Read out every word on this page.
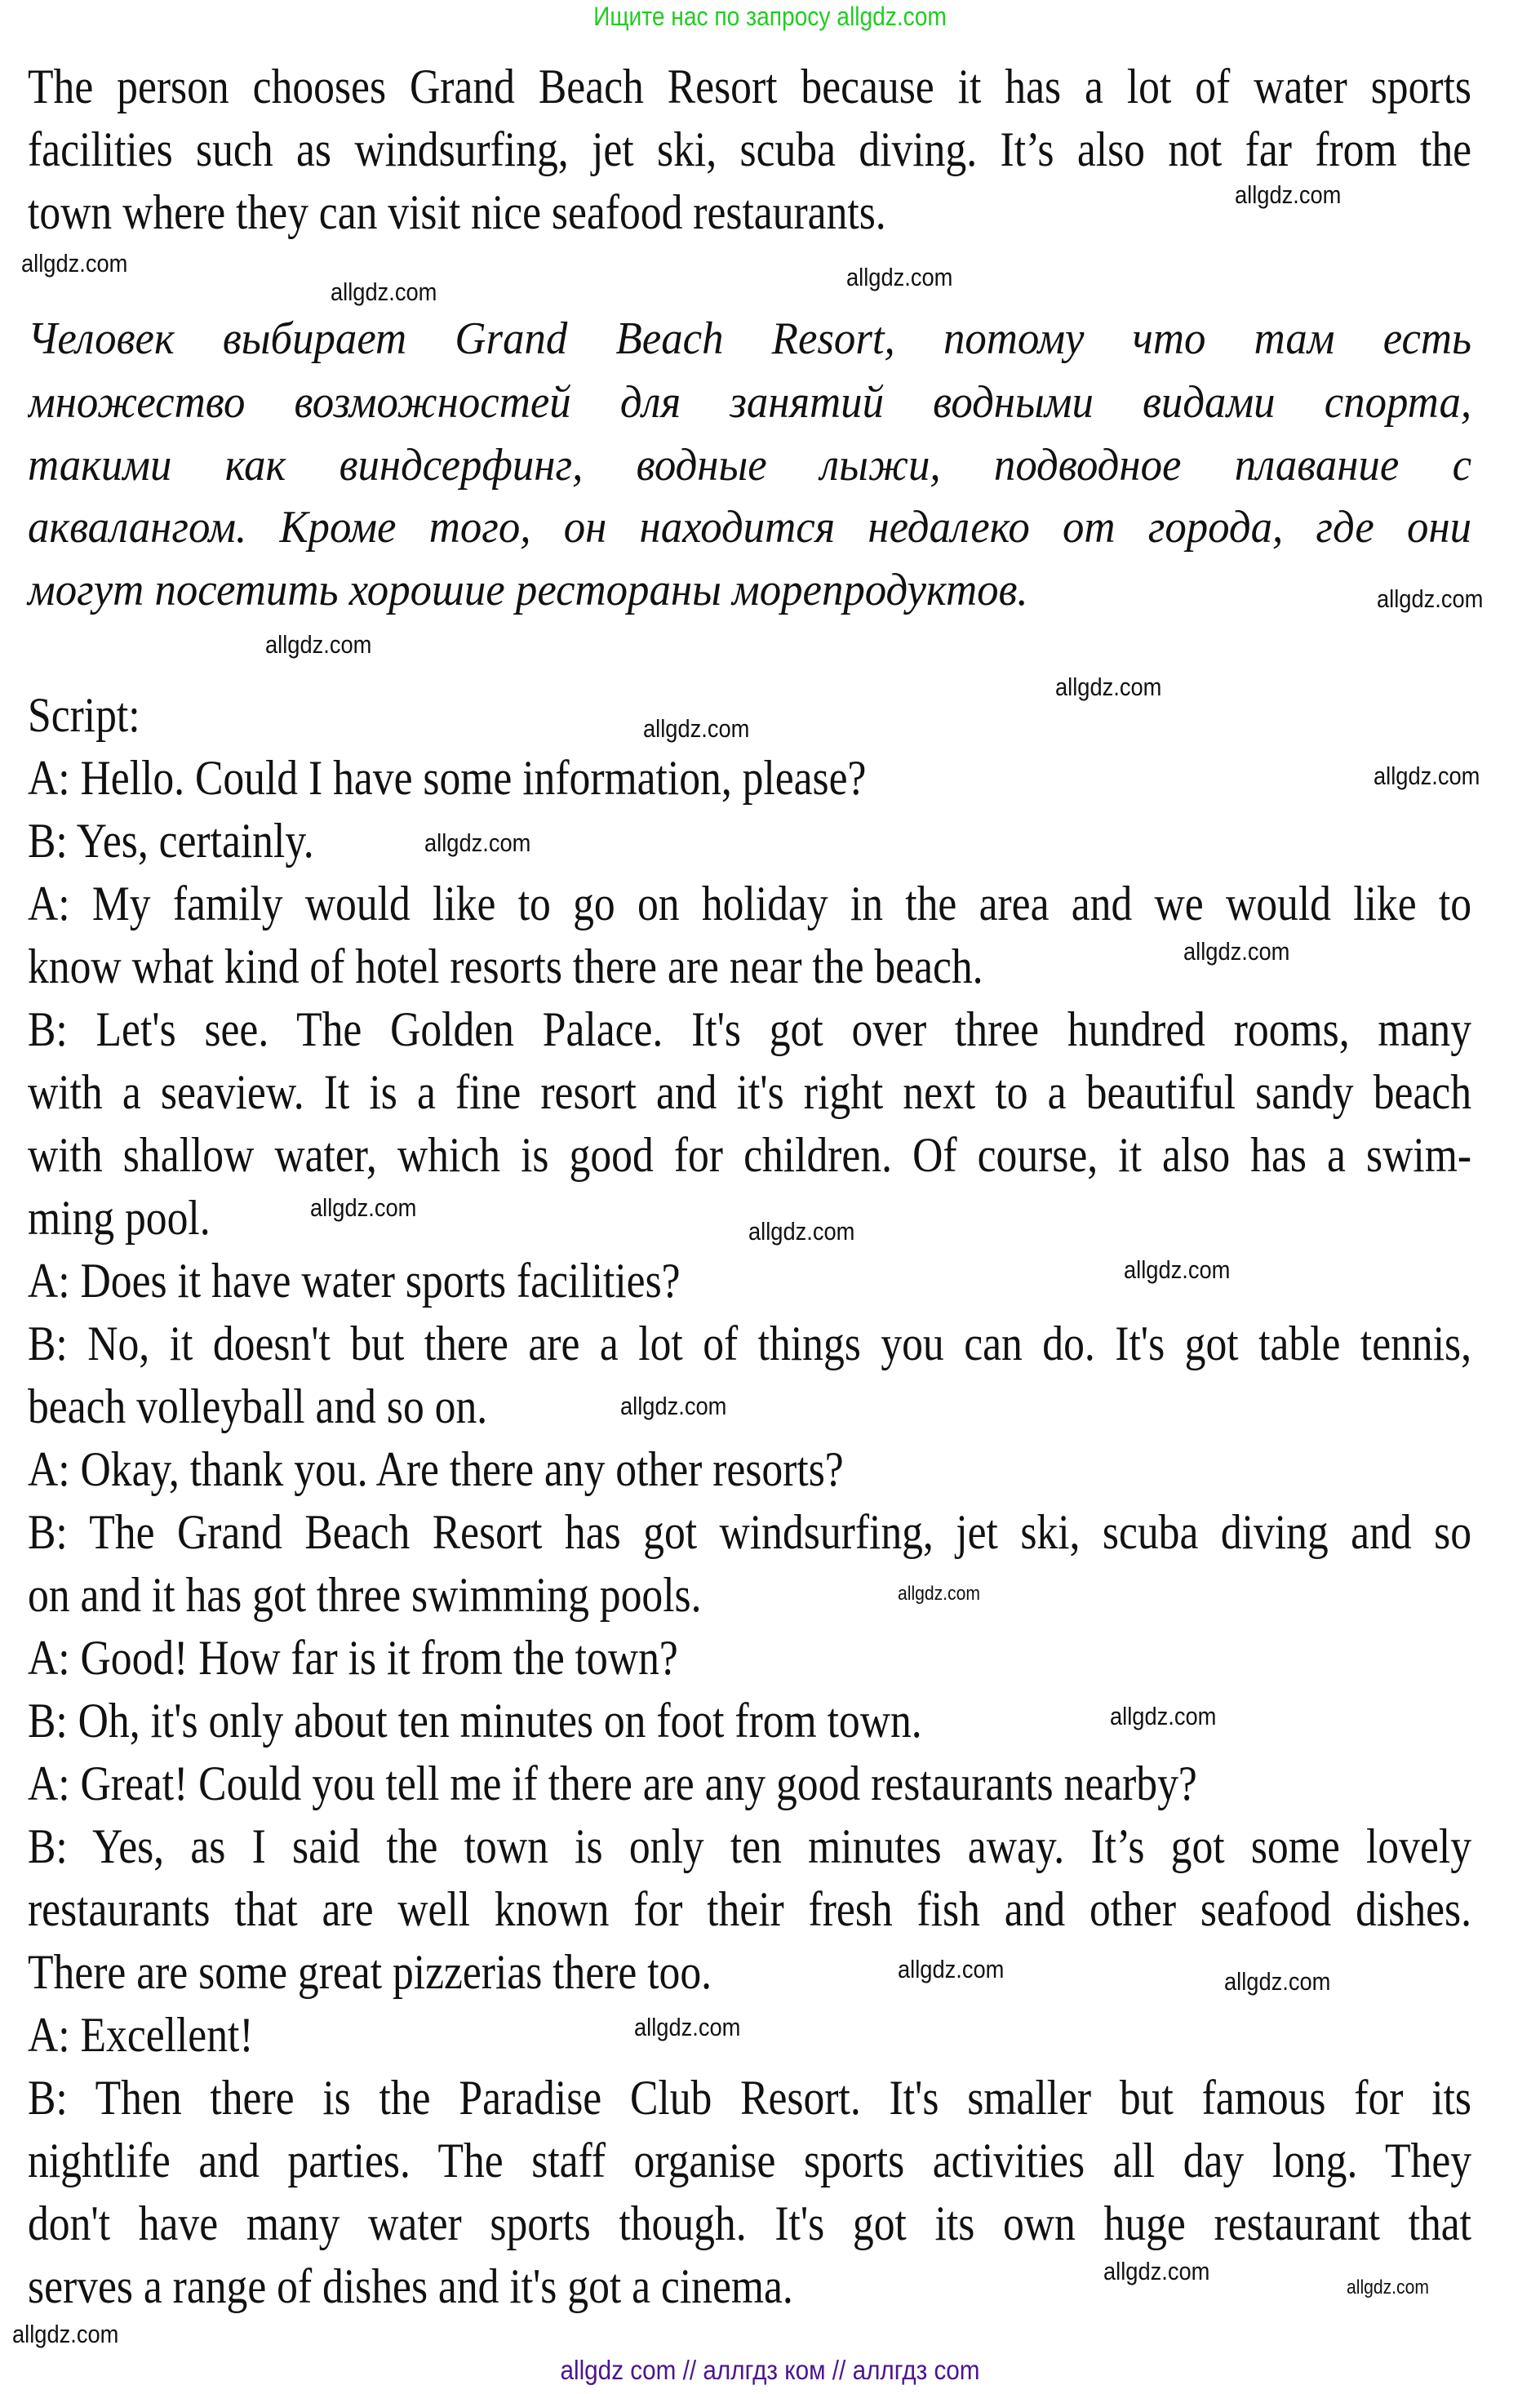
Ищите нас по запросу allgdz.com
The person chooses Grand Beach Resort because it has a lot of water sports
facilities such as windsurfing, jet ski, scuba diving. It’s also not far from the
town where they can visit nice seafood restaurants.
Человек выбирает Grand Beach Resort, потому что там есть
множество возможностей для занятий водными видами спорта,
такими как виндсерфинг, водные лыжи, подводное плавание с
аквалангом. Кроме того, он находится недалеко от города, где они
могут посетить хорошие рестораны морепродуктов.
Script:
A: Hello. Could I have some information, please?
B: Yes, certainly.
A: My family would like to go on holiday in the area and we would like to
know what kind of hotel resorts there are near the beach.
B: Let's see. The Golden Palace. It's got over three hundred rooms, many
with a seaview. It is a fine resort and it's right next to a beautiful sandy beach
with shallow water, which is good for children. Of course, it also has a swim-
ming pool.
A: Does it have water sports facilities?
B: No, it doesn't but there are a lot of things you can do. It's got table tennis,
beach volleyball and so on.
A: Okay, thank you. Are there any other resorts?
B: The Grand Beach Resort has got windsurfing, jet ski, scuba diving and so
on and it has got three swimming pools.
A: Good! How far is it from the town?
B: Oh, it's only about ten minutes on foot from town.
A: Great! Could you tell me if there are any good restaurants nearby?
B: Yes, as I said the town is only ten minutes away. It’s got some lovely
restaurants that are well known for their fresh fish and other seafood dishes.
There are some great pizzerias there too.
A: Excellent!
B: Then there is the Paradise Club Resort. It's smaller but famous for its
nightlife and parties. The staff organise sports activities all day long. They
don't have many water sports though. It's got its own huge restaurant that
serves a range of dishes and it's got a cinema.
allgdz.com
allgdz.com
allgdz.com
allgdz.com
allgdz.com
allgdz.com
allgdz.com
allgdz.com
allgdz.com
allgdz.com
allgdz.com
allgdz.com
allgdz.com
allgdz.com
allgdz.com
allgdz.com
allgdz.com
allgdz.com	allgdz.com
allgdz.com
allgdz.com
allgdz.com
allgdz.com
allgdz com // аллгдз ком // аллгдз com
